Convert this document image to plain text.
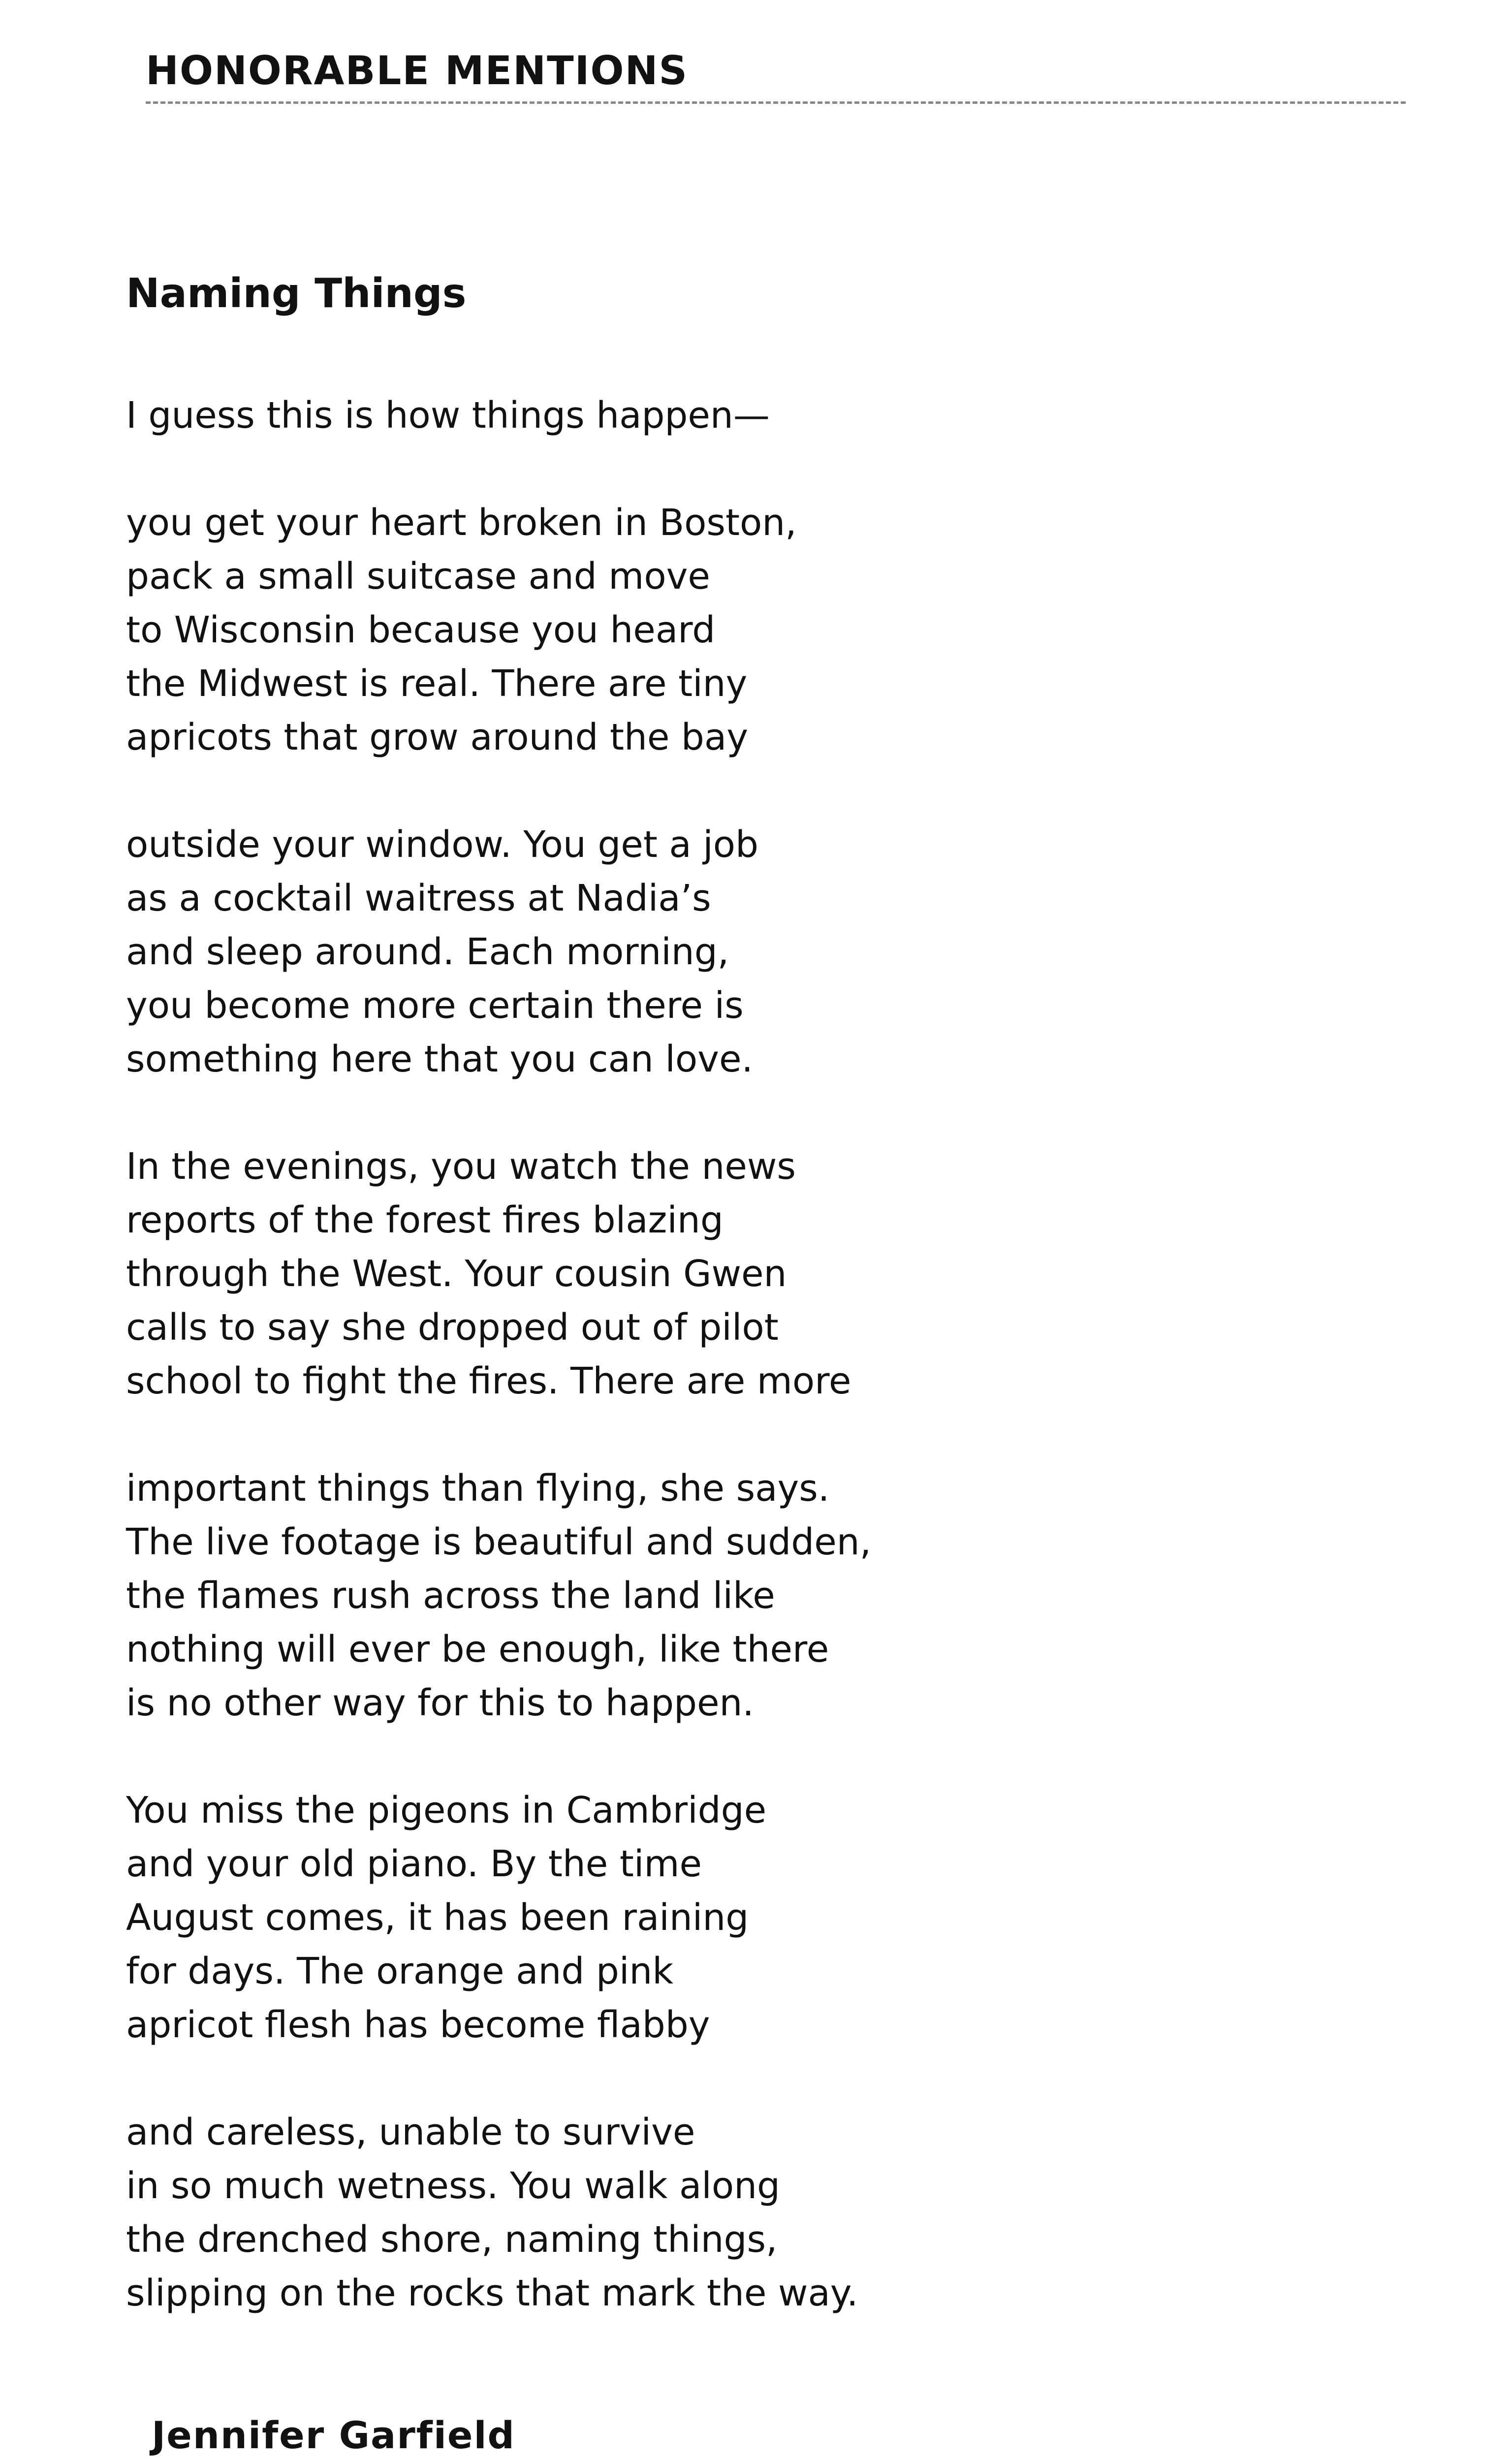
HONORABLE MENTIONS
Naming Things
I guess this is how things happen—
you get your heart broken in Boston,
pack a small suitcase and move
to Wisconsin because you heard
the Midwest is real. There are tiny
apricots that grow around the bay
outside your window. You get a job
as a cocktail waitress at Nadia’s
and sleep around. Each morning,
you become more certain there is
something here that you can love.
In the evenings, you watch the news
reports of the forest fires blazing
through the West. Your cousin Gwen
calls to say she dropped out of pilot
school to fight the fires. There are more
important things than flying, she says.
The live footage is beautiful and sudden,
the flames rush across the land like
nothing will ever be enough, like there
is no other way for this to happen.
You miss the pigeons in Cambridge
and your old piano. By the time
August comes, it has been raining
for days. The orange and pink
apricot flesh has become flabby
and careless, unable to survive
in so much wetness. You walk along
the drenched shore, naming things,
slipping on the rocks that mark the way.

Jennifer Garfield
